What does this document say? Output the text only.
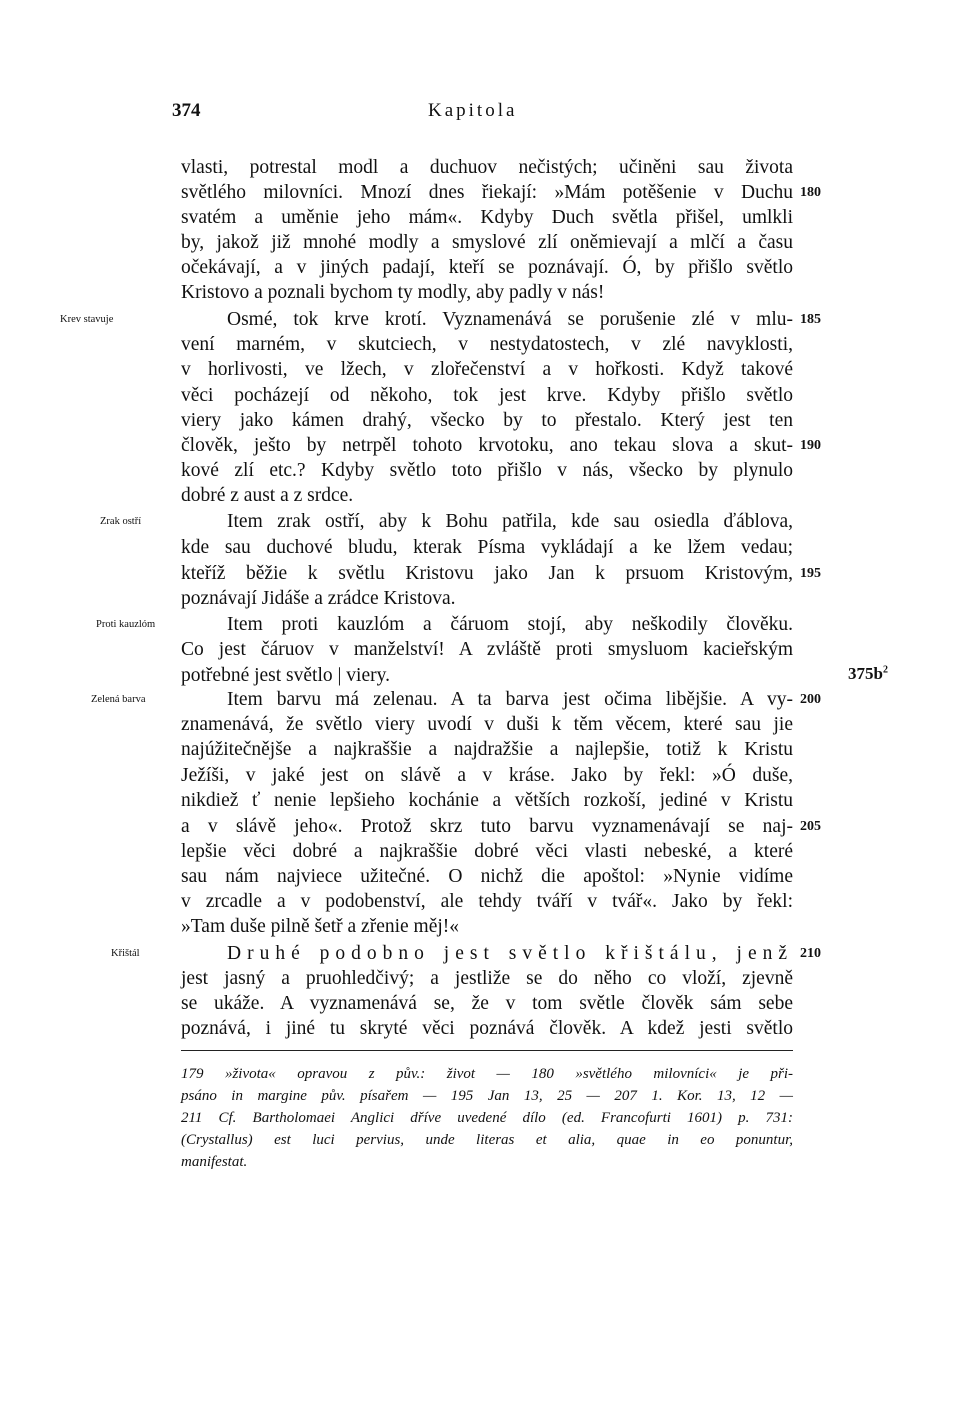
374	Kapitola
vlasti, potrestal modl a duchuov nečistých; učiněni sau života
světlého milovníci. Mnozí dnes řiekají: »Mám potěšenie v Duchu
svatém a uměnie jeho mám«. Kdyby Duch světla přišel, umlkli
by, jakož již mnohé modly a smyslové zlí oněmievají a mlčí a času
očekávají, a v jiných padají, kteří se poznávají. Ó, by přišlo světlo
Kristovo a poznali bychom ty modly, aby padly v nás!
Osmé, tok krve krotí. Vyznamenává se porušenie zlé v mlu-
vení marném, v skutciech, v nestydatostech, v zlé navyklosti,
v horlivosti, ve lžech, v zlořečenství a v hořkosti. Když takové
věci pocházejí od někoho, tok jest krve. Kdyby přišlo světlo
viery jako kámen drahý, všecko by to přestalo. Který jest ten
člověk, ješto by netrpěl tohoto krvotoku, ano tekau slova a skut-
kové zlí etc.? Kdyby světlo toto přišlo v nás, všecko by plynulo
dobré z aust a z srdce.
Item zrak ostří, aby k Bohu patřila, kde sau osiedla ďáblova,
kde sau duchové bludu, kterak Písma vykládají a ke lžem vedau;
kteříž běžie k světlu Kristovu jako Jan k prsuom Kristovým,
poznávají Jidáše a zrádce Kristova.
Item proti kauzlóm a čáruom stojí, aby neškodily člověku.
Co jest čáruov v manželství! A zvláště proti smysluom kacieřským
potřebné jest světlo | viery.
Item barvu má zelenau. A ta barva jest očima libějšie. A vy-
znamenává, že světlo viery uvodí v duši k těm věcem, které sau jie
najúžitečnějše a najkraššie a najdražšie a najlepšie, totiž k Kristu
Ježíši, v jaké jest on slávě a v kráse. Jako by řekl: »Ó duše,
nikdiež ť nenie lepšieho kochánie a větších rozkoší, jediné v Kristu
a v slávě jeho«. Protož skrz tuto barvu vyznamenávají se naj-
lepšie věci dobré a najkraššie dobré věci vlasti nebeské, a které
sau nám najviece užitečné. O nichž die apoštol: »Nynie vidíme
v zrcadle a v podobenství, ale tehdy tváří v tvář«. Jako by řekl:
»Tam duše pilně šetř a zřenie měj!«
Druhé podobno jest světlo křištálu, jenž
jest jasný a pruohledčivý; a jestliže se do něho co vloží, zjevně
se ukáže. A vyznamenává se, že v tom světle člověk sám sebe
poznává, i jiné tu skryté věci poznává člověk. A kdež jesti světlo
Krev stavuje
Zrak ostří
Proti kauzlóm
Zelená barva
Křištál
180
185
190
195
200
205
210
$375b^2$
179 »života« opravou z pův.: život — 180 »světlého milovníci« je při-
psáno in margine pův. písařem — 195 Jan 13, 25 — 207 1. Kor. 13, 12 —
211 Cf. Bartholomaei Anglici dříve uvedené dílo (ed. Francofurti 1601) p. 731:
(Crystallus) est luci pervius, unde literas et alia, quae in eo ponuntur,
manifestat.
